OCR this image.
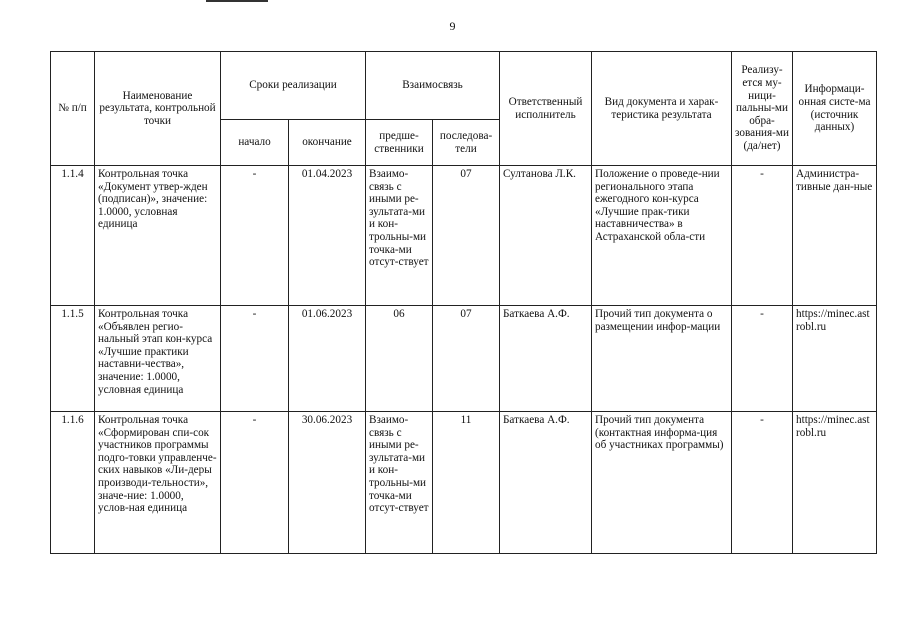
9
№ п/п	Наименование результата, контрольной точки	Сроки реализации		Взаимосвязь		Ответственный исполнитель	Вид документа и харак-теристика результата	Реализу-ется му-ници-пальны-ми обра-зования-ми (да/нет)	Информаци-онная систе-ма (источник данных)
		начало	окончание	предше-ственники	последова-тели				
1.1.4	Контрольная точка «Документ утвер-жден (подписан)», значение: 1.0000, условная единица	-	01.04.2023	Взаимо-связь с иными ре-зультата-ми и кон-трольны-ми точка-ми отсут-ствует	07	Султанова Л.К.	Положение о проведе-нии регионального этапа ежегодного кон-курса «Лучшие прак-тики наставничества» в Астраханской обла-сти	-	Администра-тивные дан-ные
1.1.5	Контрольная точка «Объявлен регио-нальный этап кон-курса «Лучшие практики наставни-чества», значение: 1.0000, условная единица	-	01.06.2023	06	07	Баткаева А.Ф.	Прочий тип документа о размещении инфор-мации	-	https://minec.astrobl.ru
1.1.6	Контрольная точка «Сформирован спи-сок участников программы подго-товки управленче-ских навыков «Ли-деры производи-тельности», значе-ние: 1.0000, услов-ная единица	-	30.06.2023	Взаимо-связь с иными ре-зультата-ми и кон-трольны-ми точка-ми отсут-ствует	11	Баткаева А.Ф.	Прочий тип документа (контактная информа-ция об участниках программы)	-	https://minec.astrobl.ru
